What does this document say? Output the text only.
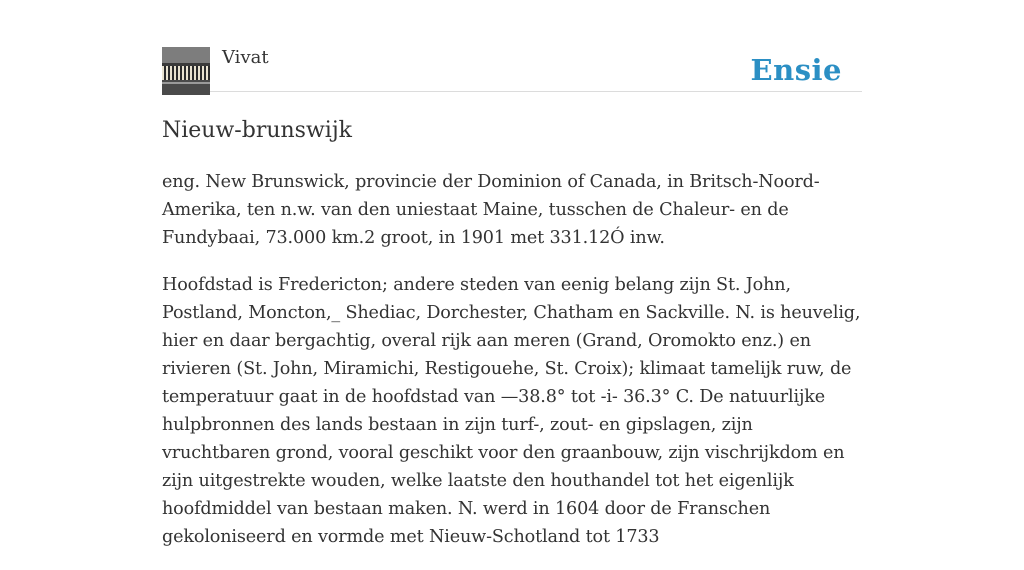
Vivat	Ensie
Nieuw-brunswijk

eng. New Brunswick, provincie der Dominion of Canada, in Britsch-Noord-Amerika, ten n.w. van den uniestaat Maine, tusschen de Chaleur- en de Fundybaai, 73.000 km.2 groot, in 1901 met 331.12Ó inw.

Hoofdstad is Fredericton; andere steden van eenig belang zijn St. John, Postland, Moncton,_ Shediac, Dorchester, Chatham en Sackville. N. is heuvelig, hier en daar bergachtig, overal rijk aan meren (Grand, Oromokto enz.) en rivieren (St. John, Miramichi, Restigouehe, St. Croix); klimaat tamelijk ruw, de temperatuur gaat in de hoofdstad van —38.8° tot -i- 36.3° C. De natuurlijke hulpbronnen des lands bestaan in zijn turf-, zout- en gipslagen, zijn vruchtbaren grond, vooral geschikt voor den graanbouw, zijn vischrijkdom en zijn uitgestrekte wouden, welke laatste den houthandel tot het eigenlijk hoofdmiddel van bestaan maken. N. werd in 1604 door de Franschen gekoloniseerd en vormde met Nieuw-Schotland tot 1733
